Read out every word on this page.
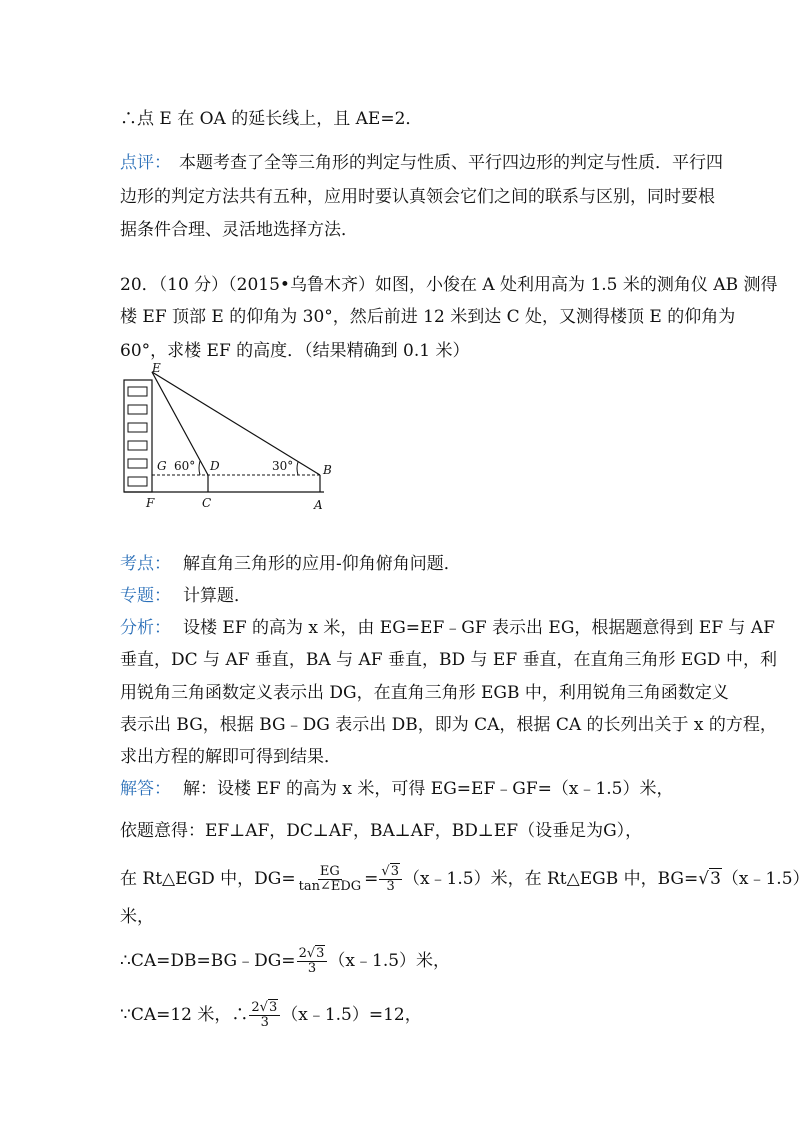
∴点 E 在 OA 的延长线上，且 AE=2．
点评： 本题考查了全等三角形的判定与性质、平行四边形的判定与性质．平行四
边形的判定方法共有五种，应用时要认真领会它们之间的联系与区别，同时要根
据条件合理、灵活地选择方法．
20．（10 分）（2015•乌鲁木齐）如图，小俊在 A 处利用高为 1.5 米的测角仪 AB 测得
楼 EF 顶部 E 的仰角为 30°，然后前进 12 米到达 C 处，又测得楼顶 E 的仰角为
60°，求楼 EF 的高度．（结果精确到 0.1 米）
E
G 60° D	30° B
F	C	A
考点： 解直角三角形的应用-仰角俯角问题．
专题： 计算题．
分析： 设楼 EF 的高为 x 米，由 EG=EF﹣GF 表示出 EG，根据题意得到 EF 与 AF
垂直，DC 与 AF 垂直，BA 与 AF 垂直，BD 与 EF 垂直，在直角三角形 EGD 中，利
用锐角三角函数定义表示出 DG，在直角三角形 EGB 中，利用锐角三角函数定义
表示出 BG，根据 BG﹣DG 表示出 DB，即为 CA，根据 CA 的长列出关于 x 的方程，
求出方程的解即可得到结果．
解答： 解：设楼 EF 的高为 x 米，可得 EG=EF﹣GF=（x﹣1.5）米，
依题意得：EF⊥AF，DC⊥AF，BA⊥AF，BD⊥EF（设垂足为G），
在 Rt△EGD 中，$DG= \frac{EG}{\text{tan∠EDG}} = \frac{√3}{3}$ （x﹣1.5）米，在 Rt△EGB 中，BG=√3（x﹣1.5）
米，
∴CA=DB=BG﹣DG= $\frac{2√3}{3}$ （x﹣1.5）米，
∵CA=12 米，∴ $\frac{2√3}{3}$ （x﹣1.5）=12，
